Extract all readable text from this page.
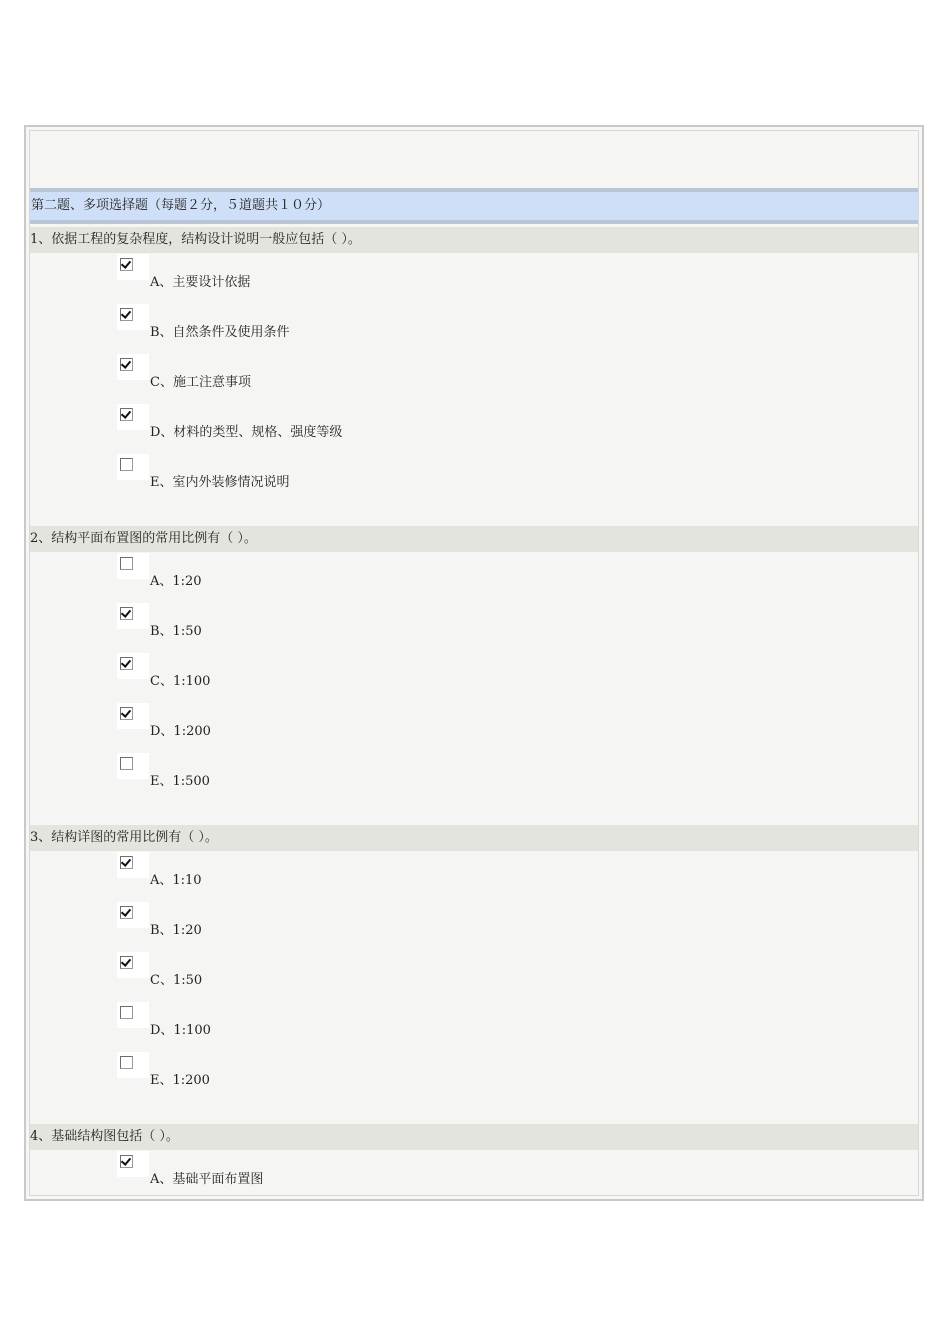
第二题、多项选择题（每题２分，５道题共１０分）
1、依据工程的复杂程度，结构设计说明一般应包括（ ）。
A、主要设计依据
B、自然条件及使用条件
C、施工注意事项
D、材料的类型、规格、强度等级
E、室内外装修情况说明
2、结构平面布置图的常用比例有（ ）。
A、1:20
B、1:50
C、1:100
D、1:200
E、1:500
3、结构详图的常用比例有（ ）。
A、1:10
B、1:20
C、1:50
D、1:100
E、1:200
4、基础结构图包括（ ）。
A、基础平面布置图
